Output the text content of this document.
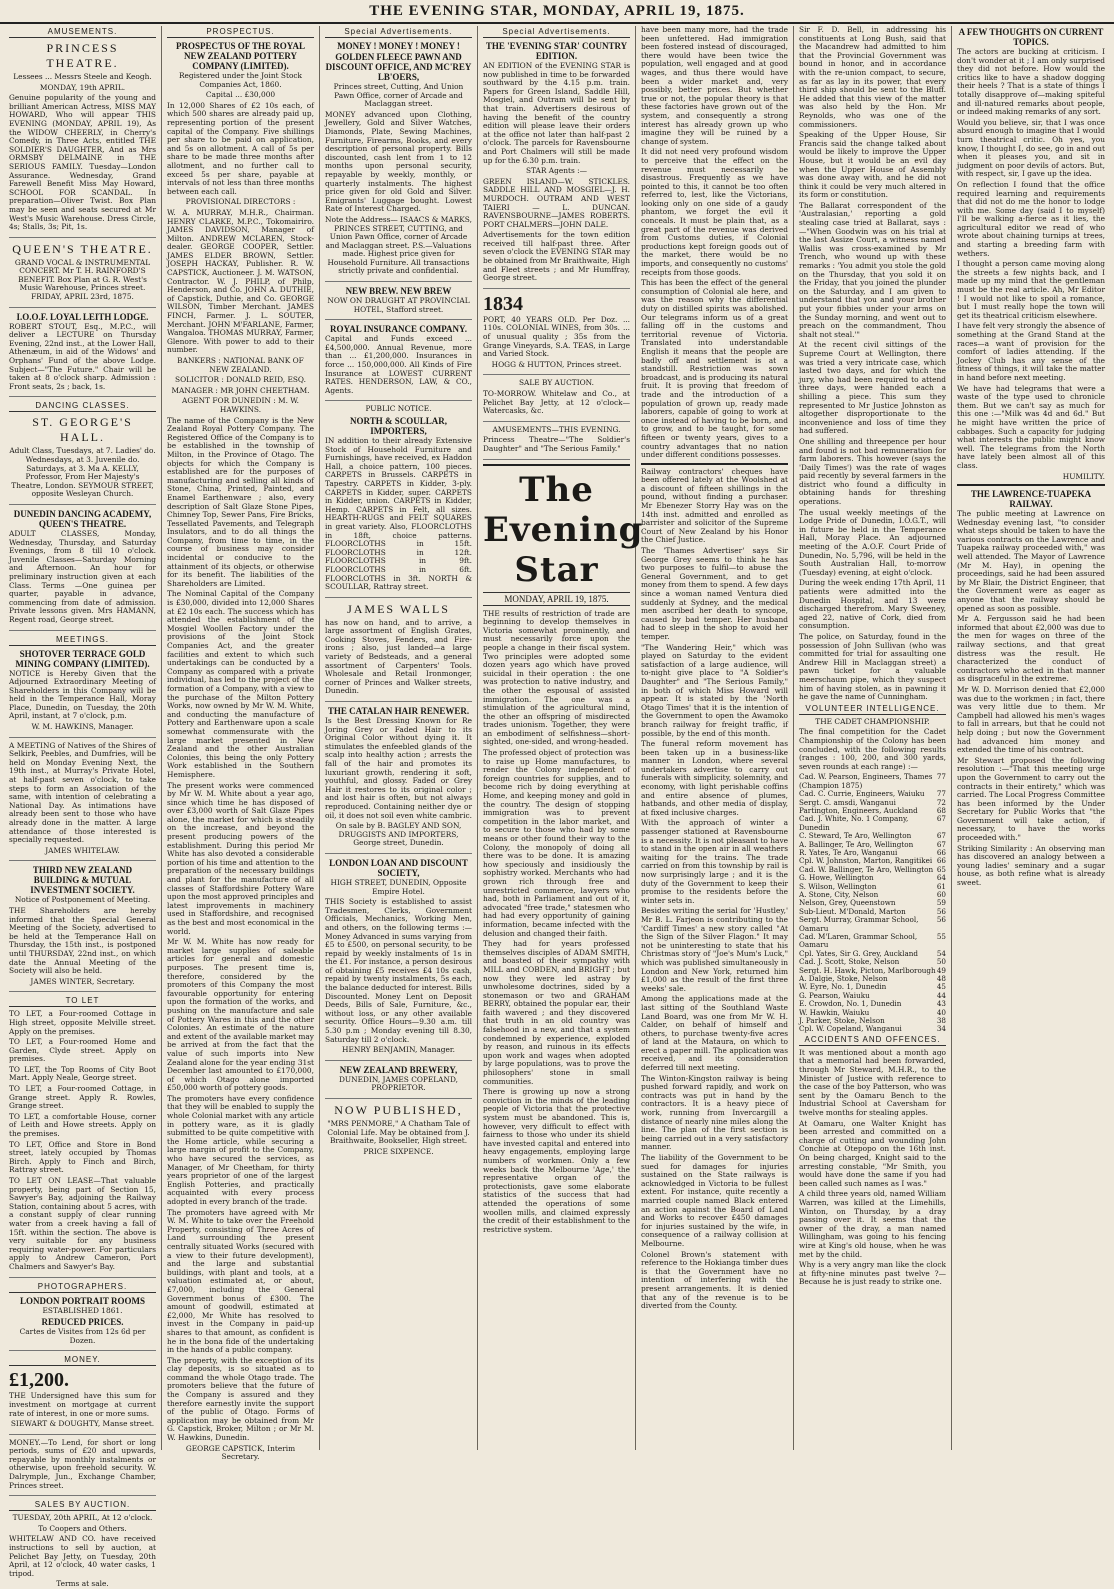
THE EVENING STAR, MONDAY, APRIL 19, 1875.
AMUSEMENTS.
PRINCESS THEATRE.

Lessees ... Messrs Steele and Keogh.

MONDAY, 19th APRIL.

Genuine popularity of the young and brilliant American Actress, MISS MAY HOWARD, Who will appear THIS EVENING (MONDAY, APRIL 19), As the WIDOW CHEERLY, in Cherry's Comedy, in Three Acts, entitled THE SOLDIER'S DAUGHTER, And as Mrs ORMSBY DELMAINE in THE SERIOUS FAMILY. Tuesday—London Assurance. Wednesday, Grand Farewell Benefit Miss May Howard, SCHOOL FOR SCANDAL. In preparation—Oliver Twist. Box Plan may be seen and seats secured at Mr West's Music Warehouse. Dress Circle, 4s; Stalls, 3s; Pit, 1s.

QUEEN'S THEATRE.

GRAND VOCAL & INSTRUMENTAL CONCERT. Mr T. H. RAINFORD'S BENEFIT. Box Plan at G. R. West's Music Warehouse, Princes street. FRIDAY, APRIL 23rd, 1875.

I.O.O.F. LOYAL LEITH LODGE.

ROBERT STOUT, Esq., M.P.C., will deliver a LECTURE on Thursday Evening, 22nd inst., at the Lower Hall, Athenæum, in aid of the Widows' and Orphans' Fund of the above Lodge. Subject—"The Future." Chair will be taken at 8 o'clock sharp. Admission : Front seats, 2s ; back, 1s.

DANCING CLASSES.
ST. GEORGE'S HALL.

Adult Class, Tuesdays, at 7. Ladies' do. Wednesdays, at 3. Juvenile do. Saturdays, at 3. Ma A. KELLY, Professor, From Her Majesty's Theatre, London. SEYMOUR STREET, opposite Wesleyan Church.

DUNEDIN DANCING ACADEMY, QUEEN'S THEATRE.

ADULT CLASSES, Monday, Wednesday, Thursday, and Saturday Evenings, from 8 till 10 o'clock. Juvenile Classes—Saturday Morning and Afternoon. An hour for preliminary instruction given at each Class. Terms —One guinea per quarter, payable in advance, commencing from date of admission. Private lessons given. Mrs HAMANN, Regent road, George street.

MEETINGS.
SHOTOVER TERRACE GOLD MINING COMPANY (LIMITED).

NOTICE is Hereby Given that the Adjourned Extraordinary Meeting of Shareholders in this Company will be held in the Temperance Hall, Moray Place, Dunedin, on Tuesday, the 20th April, instant, at 7 o'clock, p.m.

W. M. HAWKINS, Manager.

A MEETING of Natives of the Shires of Selkirk, Peebles, and Dumfries, will be held on Monday Evening Next, the 19th inst., at Murray's Private Hotel, at half-past seven o'clock, to take steps to form an Association of the same, with intention of celebrating a National Day. As intimations have already been sent to those who have already done in the matter. A large attendance of those interested is specially requested.

JAMES WHITELAW.

THIRD NEW ZEALAND BUILDING & MUTUAL INVESTMENT SOCIETY.

Notice of Postponement of Meeting.

THE Shareholders are hereby informed that the Special General Meeting of the Society, advertised to be held at the Temperance Hall on Thursday, the 15th inst., is postponed until THURSDAY, 22nd inst., on which date the Annual Meeting of the Society will also be held.

JAMES WINTER, Secretary.

TO LET

TO LET, a Four-roomed Cottage in High street, opposite Melville street. Apply on the premises.

TO LET, a Four-roomed Home and Garden, Clyde street. Apply on premises.

TO LET, the Top Rooms of City Boot Mart. Apply Neale, George street.

TO LET, a Four-roomed Cottage, in Grange street. Apply R. Rowles, Grange street.

TO LET, a comfortable House, corner of Leith and Howe streets. Apply on the premises.

TO LET, Office and Store in Bond street, lately occupied by Thomas Birch. Apply to Finch and Birch, Rattray street.

TO LET ON LEASE—That valuable property, being part of Section 15, Sawyer's Bay, adjoining the Railway Station, containing about 5 acres, with a constant supply of clear running water from a creek having a fall of 15ft. within the section. The above is very suitable for any business requiring water-power. For particulars apply to Andrew Cameron, Port Chalmers and Sawyer's Bay.

PHOTOGRAPHERS.
LONDON PORTRAIT ROOMS

ESTABLISHED 1861.

REDUCED PRICES.

Cartes de Visites from 12s 6d per Dozen.

MONEY.
£1,200.

THE Undersigned have this sum for investment on mortgage at current rate of interest, in one or more sums.

SIEWART & DOUGHTY, Manse street.

MONEY.—To Lend, for short or long periods, sums of £20 and upwards, repayable by monthly instalments or otherwise, upon freehold security. W. Dalrymple, Jun., Exchange Chamber, Princes street.

SALES BY AUCTION.

TUESDAY, 20th APRIL, At 12 o'clock.

To Coopers and Others.

WHITELAW AND CO. have received instructions to sell by auction, at Pelichet Bay Jetty, on Tuesday, 20th April, at 12 o'clock, 40 water casks, 1 tripod.

Terms at sale.

PROSPECTUS.
PROSPECTUS OF THE ROYAL NEW ZEALAND POTTERY COMPANY (LIMITED).

Registered under the Joint Stock Companies Act, 1860.

Capital ... £30,000

In 12,000 Shares of £2 10s each, of which 500 shares are already paid up, representing portion of the present capital of the Company. Five shillings per share to be paid on application, and 5s on allotment. A call of 5s per share to be made three months after allotment, and no further call to exceed 5s per share, payable at intervals of not less than three months between each call.

PROVISIONAL DIRECTORS :

W. A. MURRAY, M.H.R., Chairman. HENRY CLARKE, M.P.C., Tokomairiro. JAMES DAVIDSON, Manager of Milton. ANDREW MCLAREN, Stock-dealer. GEORGE COOPER, Settler. JAMES ELDER BROWN, Settler. JOSEPH HACKAY, Publisher. R. W. CAPSTICK, Auctioneer. J. M. WATSON, Contractor. W. J. PHILP, of Philp, Henderson, and Co. JOHN A. DUTHIE, of Capstick, Duthie, and Co. GEORGE WILSON, Timber Merchant. JAMES FINCH, Farmer. J. L. SOUTER, Merchant. JOHN M'FARLANE, Farmer, Wangaloa. THOMAS MURRAY, Farmer, Glenore. With power to add to their number.

BANKERS : NATIONAL BANK OF NEW ZEALAND.

SOLICITOR : DONALD REID, ESQ.

MANAGER : MR JOHN CHEETHAM.

AGENT FOR DUNEDIN : M. W. HAWKINS.

The name of the Company is the New Zealand Royal Pottery Company. The Registered Office of the Company is to be established in the township of Milton, in the Province of Otago. The objects for which the Company is established are for the purposes of manufacturing and selling all kinds of Stone, China, Printed, Painted, and Enamel Earthenware ; also, every description of Salt Glaze Stone Pipes, Chimney Top, Sewer Pans, Fire Bricks, Tessellated Pavements, and Telegraph Insulators, and to do all things the Company, from time to time, in the course of business may consider incidental or conducive to the attainment of its objects, or otherwise for its benefit. The liabilities of the Shareholders are Limited.

The Nominal Capital of the Company is £30,000, divided into 12,000 Shares at £2 10s each. The success which has attended the establishment of the Mosgiel Woollen Factory under the provisions of the Joint Stock Companies Act, and the greater facilities and extent to which such undertakings can be conducted by a Company as compared with a private individual, has led to the project of the formation of a Company, with a view to the purchase of the Milton Pottery Works, now owned by Mr W. M. White, and conducting the manufacture of Pottery and Earthenware upon a scale somewhat commensurate with the large market presented in New Zealand and the other Australian Colonies, this being the only Pottery Work established in the Southern Hemisphere.

The present works were commenced by Mr W. M. White about a year ago, since which time he has disposed of over £3,000 worth of Salt Glaze Pipes alone, the market for which is steadily on the increase, and beyond the present producing powers of the establishment. During this period Mr White has also devoted a considerable portion of his time and attention to the preparation of the necessary buildings and plant for the manufacture of all classes of Staffordshire Pottery Ware upon the most approved principles and latest improvements in machinery used in Staffordshire, and recognised as the best and most economical in the world.

Mr W. M. White has now ready for market large supplies of saleable articles for general and domestic purposes. The present time is, therefore, considered by the promoters of this Company the most favourable opportunity for entering upon the formation of the works, and pushing on the manufacture and sale of Pottery Wares in this and the other Colonies. An estimate of the nature and extent of the available market may be arrived at from the fact that the value of such imports into New Zealand alone for the year ending 31st December last amounted to £170,000, of which Otago alone imported £50,000 worth of pottery goods.

The promoters have every confidence that they will be enabled to supply the whole Colonial market with any article in pottery ware, as it is gladly submitted to be quite competitive with the Home article, while securing a large margin of profit to the Company, who have secured the services, as Manager, of Mr Cheetham, for thirty years proprietor of one of the largest English Potteries, and practically acquainted with every process adopted in every branch of the trade.

The promoters have agreed with Mr W. M. White to take over the Freehold Property, consisting of Three Acres of Land surrounding the present centrally situated Works (secured with a view to their future development), and the large and substantial buildings, with plant and tools, at a valuation estimated at, or about, £7,000, including the General Government bonus of £300. The amount of goodwill, estimated at £2,000, Mr White has resolved to invest in the Company in paid-up shares to that amount, as confident is he in the bona fide of the undertaking in the hands of a public company.

The property, with the exception of its clay deposits, is so situated as to command the whole Otago trade. The promoters believe that the future of the Company is assured and they therefore earnestly invite the support of the public of Otago. Forms of application may be obtained from Mr G. Capstick, Broker, Milton ; or Mr M. W. Hawkins, Dunedin.

GEORGE CAPSTICK, Interim Secretary.

Special Advertisements.
MONEY ! MONEY ! MONEY !
GOLDEN FLEECE PAWN AND DISCOUNT OFFICE, AND MC'REY LB'OERS,

Princes street, Cutting, And Union Pawn Office, corner of Arcade and Maclaggan street.

MONEY advanced upon Clothing, Jewellery, Gold and Silver Watches, Diamonds, Plate, Sewing Machines, Furniture, Firearms, Books, and every description of personal property. Bills discounted, cash lent from 1 to 12 months upon personal security, repayable by weekly, monthly, or quarterly instalments. The highest price given for old Gold and Silver. Emigrants' Luggage bought. Lowest Rate of Interest Charged.

Note the Address— ISAACS & MARKS, PRINCES STREET, CUTTING, and Union Pawn Office, corner of Arcade and Maclaggan street. P.S.—Valuations made. Highest price given for Household Furniture. All transactions strictly private and confidential.

NEW BREW. NEW BREW

NOW ON DRAUGHT AT PROVINCIAL HOTEL, Stafford street.

ROYAL INSURANCE COMPANY.

Capital and Funds exceed ... £4,500,000. Annual Revenue, more than ... £1,200,000. Insurances in force ... 150,000,000. All Kinds of Fire Insurance at LOWEST CURRENT RATES. HENDERSON, LAW, & CO., Agents.

PUBLIC NOTICE.

NORTH & SCOULLAR, IMPORTERS,

IN addition to their already Extensive Stock of Household Furniture and Furnishings, have received, ex Haddon Hall, a choice pattern, 100 pieces. CARPETS in Brussels. CARPETS in Tapestry. CARPETS in Kidder, 3-ply. CARPETS in Kidder, super. CARPETS in Kidder, union. CARPETS in Kidder, Hemp. CARPETS in Felt, all sizes. HEARTH-RUGS and FELT SQUARES in great variety. Also, FLOORCLOTHS in 18ft, choice patterns. FLOORCLOTHS in 15ft. FLOORCLOTHS in 12ft. FLOORCLOTHS in 9ft. FLOORCLOTHS in 6ft. FLOORCLOTHS in 3ft. NORTH & SCOULLAR, Rattray street.

JAMES WALLS

has now on hand, and to arrive, a large assortment of English Grates, Cooking Stoves, Fenders, and Fire-irons ; also, just landed—a large variety of Bedsteads, and a general assortment of Carpenters' Tools. Wholesale and Retail Ironmonger, corner of Princes and Walker streets, Dunedin.

THE CATALAN HAIR RENEWER.

Is the Best Dressing Known for Re Joring Grey or Faded Hair to its Original Color without dying it. It stimulates the enfeebled glands of the scalp into healthy action ; arrests the fall of the hair and promotes its luxuriant growth, rendering it soft, youthful, and glossy. Faded or Grey Hair it restores to its original color ; and lost hair is often, but not always reproduced. Containing neither dye or oil, it does not soil even white cambric.

On sale by B. BAGLEY AND SON, DRUGGISTS AND IMPORTERS, George street, Dunedin.

LONDON LOAN AND DISCOUNT SOCIETY,

HIGH STREET, DUNEDIN, Opposite Empire Hotel.

THIS Society is established to assist Tradesmen, Clerks, Government Officials, Mechanics, Working Men, and others, on the following terms :— Money Advanced in sums varying from £5 to £500, on personal security, to be repaid by weekly instalments of 1s in the £1. For instance, a person desirous of obtaining £5 receives £4 10s cash, repaid by twenty instalments, 5s each, the balance deducted for interest. Bills Discounted. Money Lent on Deposit Deeds, Bills of Sale, Furniture, &c., without loss, or any other available security. Office Hours—9.30 a.m. till 5.30 p.m ; Monday evening till 8.30, Saturday till 2 o'clock.

HENRY BENJAMIN, Manager.

NEW ZEALAND BREWERY,

DUNEDIN, JAMES COPELAND, PROPRIETOR.

NOW PUBLISHED,

"MRS PENMORE," A Chatham Tale of Colonial Life. May be obtained from J. Braithwaite, Bookseller, High street.

PRICE SIXPENCE.

Special Advertisements.
THE 'EVENING STAR' COUNTRY EDITION.

AN EDITION of the EVENING STAR is now published in time to be forwarded southward by the 4.15 p.m. train. Papers for Green Island, Saddle Hill, Mosgiel, and Outram will be sent by that train. Advertisers desirous of having the benefit of the country edition will please leave their orders at the office not later than half-past 2 o'clock. The parcels for Ravensbourne and Port Chalmers will still be made up for the 6.30 p.m. train.

STAR Agents :—

GREEN ISLAND—W. STICKLES. SADDLE HILL AND MOSGIEL—J. H. MURDOCH. OUTRAM AND WEST TAIERI — L. DUNCAN. RAVENSBOURNE—JAMES ROBERTS. PORT CHALMERS—JOHN DALE.

Advertisements for the town edition received till half-past three. After seven o'clock the EVENING STAR may be obtained from Mr Braithwaite, High and Fleet streets ; and Mr Humffray, George street.

1834

PORT, 40 YEARS OLD. Per Doz. ... 110s. COLONIAL WINES, from 30s. ... of unusual quality ; 35s from the Grange Vineyards, S.A. TEAS, in Large and Varied Stock.

HOGG & HUTTON, Princes street.

SALE BY AUCTION.

TO-MORROW. Whitelaw and Co., at Pelichet Bay Jetty, at 12 o'clock—Watercasks, &c.

AMUSEMENTS—THIS EVENING.

Princess Theatre—"The Soldier's Daughter" and "The Serious Family."

The Evening Star
MONDAY, APRIL 19, 1875.

THE results of restriction of trade are beginning to develop themselves in Victoria somewhat prominently, and must necessarily force upon the people a change in their fiscal system. Two principles were adopted some dozen years ago which have proved suicidal in their operation : the one was protection to native industry, and the other the espousal of assisted immigration. The one was a stimulation of the agricultural mind, the other an offspring of misdirected trades unionism. Together, they were an embodiment of selfishness—short-sighted, one-sided, and wrong-headed.

The professed object of protection was to raise up Home manufactures, to render the Colony independent of foreign countries for supplies, and to become rich by doing everything at Home, and keeping money and gold in the country. The design of stopping immigration was to prevent competition in the labor market, and to secure to those who had by some means or other found their way to the Colony, the monopoly of doing all there was to be done. It is amazing how speciously and insidiously the sophistry worked. Merchants who had grown rich through free and unrestricted commerce, lawyers who had, both in Parliament and out of it, advocated "free trade," statesmen who had had every opportunity of gaining information, became infected with the delusion and changed their faith.

They had for years professed themselves disciples of ADAM SMITH, and boasted of their sympathy with MILL and COBDEN, and BRIGHT ; but now they were led astray by unwholesome doctrines, sided by a stonemason or two and GRAHAM BERRY, obtained the popular ear, their faith wavered ; and they discovered that truth in an old country was falsehood in a new, and that a system condemned by experience, exploded by reason, and ruinous in its effects upon work and wages when adopted by large populations, was to prove the philosophers' stone in small communities.

There is growing up now a strong conviction in the minds of the leading people of Victoria that the protective system must be abandoned. This is, however, very difficult to effect with fairness to those who under its shield have invested capital and entered into heavy engagements, employing large numbers of workmen. Only a few weeks back the Melbourne 'Age,' the representative organ of the protectionists, gave some elaborate statistics of the success that had attended the operations of some woollen mills, and claimed expressly the credit of their establishment to the restrictive system.

have been many more, had the trade been unfettered. Had immigration been fostered instead of discouraged, there would have been twice the population, well engaged and at good wages, and thus there would have been a wider market and, very possibly, better prices. But whether true or not, the popular theory is that these factories have grown out of the system, and consequently a strong interest has already grown up who imagine they will be ruined by a change of system.

It did not need very profound wisdom to perceive that the effect on the revenue must necessarily be disastrous. Frequently as we have pointed to this, it cannot be too often referred to, lest, like the Victorians, looking only on one side of a gaudy phantom, we forget the evil it conceals. It must be plain that, as a great part of the revenue was derived from Customs duties, if Colonial productions kept foreign goods out of the market, there would be no imports, and consequently no customs' receipts from those goods.

This has been the effect of the general consumption of Colonial ale here, and was the reason why the differential duty on distilled spirits was abolished. Our telegrams inform us of a great falling off in the customs and territorial revenue of Victoria. Translated into understandable English it means that the people are badly off and settlement is at a standstill. Restriction was sown broadcast, and is producing its natural fruit. It is proving that freedom of trade and the introduction of a population of grown up, ready made laborers, capable of going to work at once instead of having to be born, and to grow, and to be taught, for some fifteen or twenty years, gives to a country advantages that no nation under different conditions possesses.

Railway contractors' cheques have been offered lately at the Woolshed at a discount of fifteen shillings in the pound, without finding a purchaser. Mr Ebenezer Storry Hay was on the 14th inst. admitted and enrolled as barrister and solicitor of the Supreme Court of New Zealand by his Honor the Chief Justice.

The 'Thames Advertiser' says Sir George Grey seems to think he has two purposes to fulfil—to abuse the General Government, and to get money from them to spend. A few days since a woman named Ventura died suddenly at Sydney, and the medical men ascribed her death to syncope, caused by bad temper. Her husband had to sleep in the shop to avoid her temper.

"The Wandering Heir," which was played on Saturday to the evident satisfaction of a large audience, will to-night give place to "A Soldier's Daughter" and "The Serious Family," in both of which Miss Howard will appear. It is stated by the 'North Otago Times' that it is the intention of the Government to open the Awamoko branch railway for freight traffic, if possible, by the end of this month.

The funeral reform movement has been taken up in a business-like manner in London, where several undertakers advertise to carry out funerals with simplicity, solemnity, and economy, with light perishable coffins and entire absence of plumes, hatbands, and other media of display, at fixed inclusive charges.

With the approach of winter a passenger stationed at Ravensbourne is a necessity. It is not pleasant to have to stand in the open air in all weathers waiting for the trains. The trade carried on from this township by rail is now surprisingly large ; and it is the duty of the Government to keep their promise to the residents before the winter sets in.

Besides writing the serial for 'Hustley,' Mr B. L. Farjeon is contributing to the 'Cardiff Times' a new story called "At the Sign of the Silver Flagon." It may not be uninteresting to state that his Christmas story of "Joe's Mum's Luck," which was published simultaneously in London and New York, returned him £1,000 as the result of the first three weeks' sale.

Among the applications made at the last sitting of the Southland Waste Land Board, was one from Mr W. H. Calder, on behalf of himself and others, to purchase twenty-five acres of land at the Mataura, on which to erect a paper mill. The application was received, and its consideration deferred till next meeting.

The Winton-Kingston railway is being pushed forward rapidly, and work on contracts was put in hand by the contractors. It is a heavy piece of work, running from Invercargill a distance of nearly nine miles along the line. The plan of the first section is being carried out in a very satisfactory manner.

The liability of the Government to be sued for damages for injuries sustained on the State railways is acknowledged in Victoria to be fullest extent. For instance, quite recently a married couple named Black entered an action against the Board of Land and Works to recover £450 damages for injuries sustained by the wife, in consequence of a railway collision at Melbourne.

Colonel Brown's statement with reference to the Hokianga timber dues is that the Government have no intention of interfering with the present arrangements. It is denied that any of the revenue is to be diverted from the County.

Sir F. D. Bell, in addressing his constituents at Long Bush, said that the Macandrew had admitted to him that the Provincial Government was bound in honor, and in accordance with the re-union compact, to secure, as far as lay in its power, that every third ship should be sent to the Bluff. He added that this view of the matter was also held by the Hon. Mr Reynolds, who was one of the commissioners.

Speaking of the Upper House, Sir Francis said the change talked about would be likely to improve the Upper House, but it would be an evil day when the Upper House of Assembly was done away with, and he did not think it could be very much altered in its form or constitution.

The Ballarat correspondent of the 'Australasian,' reporting a gold stealing case tried at Ballarat, says :—"When Goodwin was on his trial at the last Assize Court, a witness named Wallis was cross-examined by Mr Trench, who wound up with these remarks : 'You admit you stole the gold on the Thursday, that you sold it on the Friday, that you joined the plunder on the Saturday, and I am given to understand that you and your brother put your fibbies under your arms on the Sunday morning, and went out to preach on the commandment, Thou shalt not steal.'"

At the recent civil sittings of the Supreme Court at Wellington, there was tried a very intricate case, which lasted two days, and for which the jury, who had been required to attend three days, were handed each a shilling a piece. This sum they represented to Mr Justice Johnston as altogether disproportionate to the inconvenience and loss of time they had suffered.

One shilling and threepence per hour and found is not bad remuneration for farm laborers. This however (says the 'Daily Times') was the rate of wages paid recently by several farmers in the district who found a difficulty in obtaining hands for threshing operations.

The usual weekly meetings of the Lodge Pride of Dunedin, I.O.G.T., will in future be held in the Temperance Hall, Moray Place. An adjourned meeting of the A.O.F. Court Pride of Dunedin, No. 5,796, will be held in the South Australian Hall, to-morrow (Tuesday) evening, at eight o'clock.

During the week ending 17th April, 11 patients were admitted into the Dunedin Hospital, and 13 were discharged therefrom. Mary Sweeney, aged 22, native of Cork, died from consumption.

The police, on Saturday, found in the possession of John Sullivan (who was committed for trial for assaulting one Andrew Hill in Maclaggan street) a pawn ticket for a valuable meerschaum pipe, which they suspect him of having stolen, as in pawning it he gave the name of Cunningham.

VOLUNTEER INTELLIGENCE.

THE CADET CHAMPIONSHIP.

The final competition for the Cadet Championship of the Colony has been concluded, with the following results (ranges : 100, 200, and 300 yards, seven rounds at each range) :—

Cad. W. Pearson, Engineers, Thames (Champion 1875)
77
Cad. C. Currie, Engineers, Waiuku 77
Sergt. C. amsdi, Wanganui	72
Partington, Engineers, Auckland	68
Cad. J. White, No. 1 Company, Dunedin
67
C. Steward, Te Aro, Wellington	67
A. Ballinger, Te Aro, Wellington	67
R. Yates, Te Aro, Wanganui	66
Cpl. W. Johnston, Marton, Rangitikei 66
Cad. W. Ballinger, Te Aro, Wellington 65
G. Howe, Wellington	64
S. Wilson, Wellington	61
A. Stone, City, Nelson	60
Nelson, Grey, Queenstown	59
Sub-Lieut. M'Donald, Marton	56
Sergt. Murray, Grammar School, Oamaru
56
Cad. M'Laren, Grammar School, Oamaru
55
Cpl. Yates, Sir G. Grey, Auckland	54
Cad. J. Scott, Stoke, Nelson	50
Sergt. H. Hawk, Picton, Marlborough 49
A. Dalgie, Stoke, Nelson	48
W. Eyre, No. 1, Dunedin	45
G. Pearson, Waiuku	44
E. Crowdon, No. 1, Dunedin	43
W. Hawkin, Waiuku	40
J. Parker, Stoke, Nelson	38
Cpl. W. Copeland, Wanganui	34
ACCIDENTS AND OFFENCES.

It was mentioned about a month ago that a memorial had been forwarded, through Mr Steward, M.H.R., to the Minister of Justice with reference to the case of the boy Patterson, who was sent by the Oamaru Bench to the Industrial School at Caversham for twelve months for stealing apples.

At Oamaru, one Walter Knight has been arrested and committed on a charge of cutting and wounding John Conchie at Otepopo on the 16th inst. On being charged, Knight said to the arresting constable, "Mr Smith, you would have done the same if you had been called such names as I was."

A child three years old, named William Warren, was killed at the Limehills, Winton, on Thursday, by a dray passing over it. It seems that the owner of the dray, a man named Willingham, was going to his fencing wire at King's old house, when he was met by the child.

Why is a very angry man like the clock at fifty-nine minutes past twelve ?—Because he is just ready to strike one.

A FEW THOUGHTS ON CURRENT TOPICS.

The actors are bucking at criticism. I don't wonder at it ; I am only surprised they did not before. How would the critics like to have a shadow dogging their heels ? That is a state of things I totally disapprove of—making spiteful and ill-natured remarks about people, or indeed making remarks of any sort.

Would you believe, sir, that I was once absurd enough to imagine that I would turn theatrical critic. Oh yes, you know, I thought I, do see, go in and out when it pleases you, and sit in judgment on poor devils of actors. But, with respect, sir, I gave up the idea.

On reflection I found that the office required learning and requirements that did not do me the honor to lodge with me. Some day (said I to myself) I'll be walking a-fierce as it lies, the agricultural editor we read of who wrote about chaining turnips at trees, and starting a breeding farm with wethers.

I thought a person came moving along the streets a few nights back, and I made up my mind that the gentleman must be the real article. Ah, Mr Editor ! I would not like to spoil a romance, but I must really hope the town will get its theatrical criticism elsewhere.

I have felt very strongly the absence of something at the Grand Stand at the races—a want of provision for the comfort of ladies attending. If the Jockey Club has any sense of the fitness of things, it will take the matter in hand before next meeting.

We have had telegrams that were a waste of the type used to chronicle them. But we can't say as much for this one :—"Milk was 4d and 6d." But he might have written the price of cabbages. Such a capacity for judging what interests the public might know well. The telegrams from the North have lately been almost all of this class.

HUMILITY.

THE LAWRENCE-TUAPEKA RAILWAY.

The public meeting at Lawrence on Wednesday evening last, "to consider what steps should be taken to have the various contracts on the Lawrence and Tuapeka railway proceeded with," was well attended. The Mayor of Lawrence (Mr M. Hay), in opening the proceedings, said he had been assured by Mr Blair, the District Engineer, that the Government were as eager as anyone that the railway should be opened as soon as possible.

Mr A. Fergusson said he had been informed that about £2,000 was due to the men for wages on three of the railway sections, and that great distress was the result. He characterized the conduct of contractors who acted in that manner as disgraceful in the extreme.

Mr W. D. Morrison denied that £2,000 was due to the workmen ; in fact, there was very little due to them. Mr Campbell had allowed his men's wages to fall in arrears, but that he could not help doing ; but now the Government had advanced him money and extended the time of his contract.

Mr Stewart proposed the following resolution :—"That this meeting urge upon the Government to carry out the contracts in their entirety," which was carried. The Local Progress Committee has been informed by the Under Secretary for Public Works that "the Government will take action, if necessary, to have the works proceeded with."

Striking Similarity : An observing man has discovered an analogy between a young ladies' seminary and a sugar house, as both refine what is already sweet.
